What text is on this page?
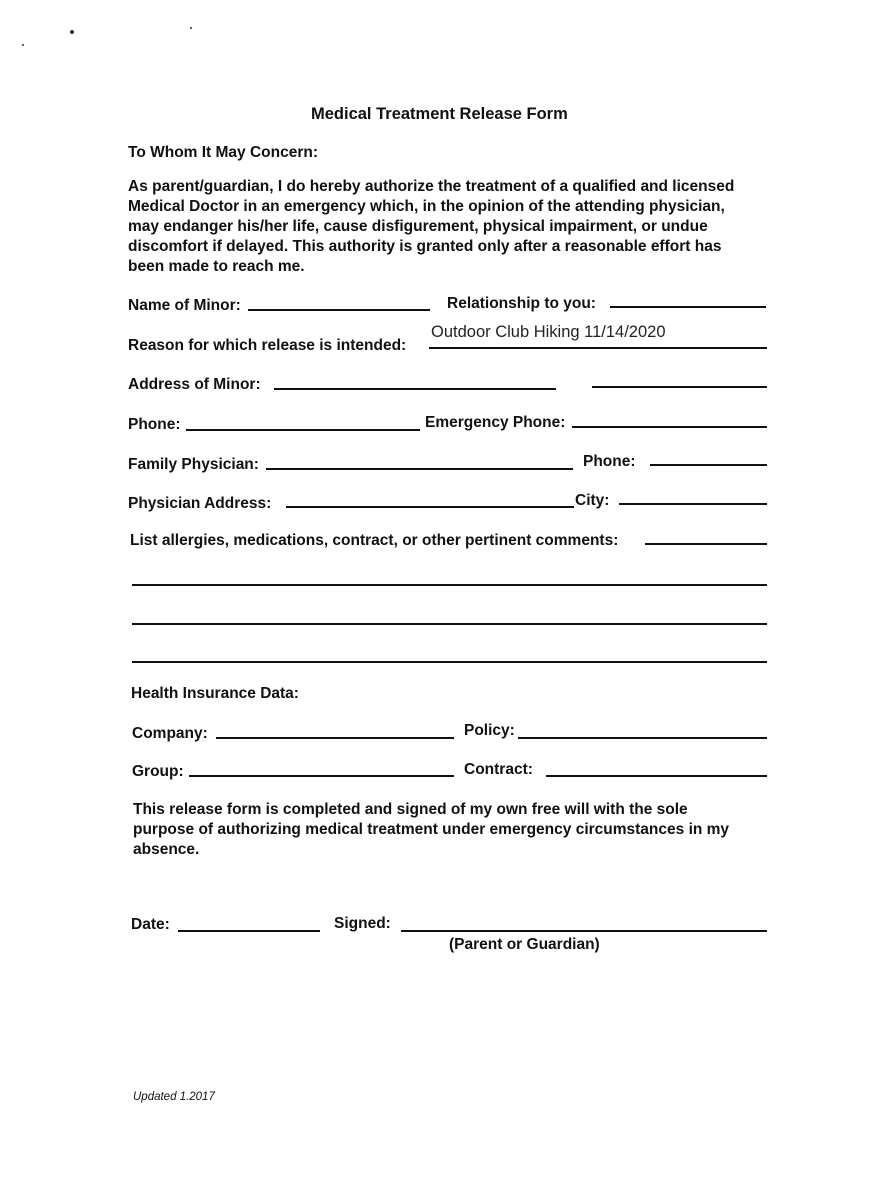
Medical Treatment Release Form
To Whom It May Concern:
As parent/guardian, I do hereby authorize the treatment of a qualified and licensed
Medical Doctor in an emergency which, in the opinion of the attending physician,
may endanger his/her life, cause disfigurement, physical impairment, or undue
discomfort if delayed. This authority is granted only after a reasonable effort has
been made to reach me.
Name of Minor:	Relationship to you:
Reason for which release is intended:
Outdoor Club Hiking 11/14/2020
Address of Minor:
Phone:	Emergency Phone:
Family Physician:	Phone:
Physician Address:	City:
List allergies, medications, contract, or other pertinent comments:
Health Insurance Data:
Company:	Policy:
Group:	Contract:
This release form is completed and signed of my own free will with the sole
purpose of authorizing medical treatment under emergency circumstances in my
absence.
Date:	Signed:
(Parent or Guardian)
Updated 1.2017
